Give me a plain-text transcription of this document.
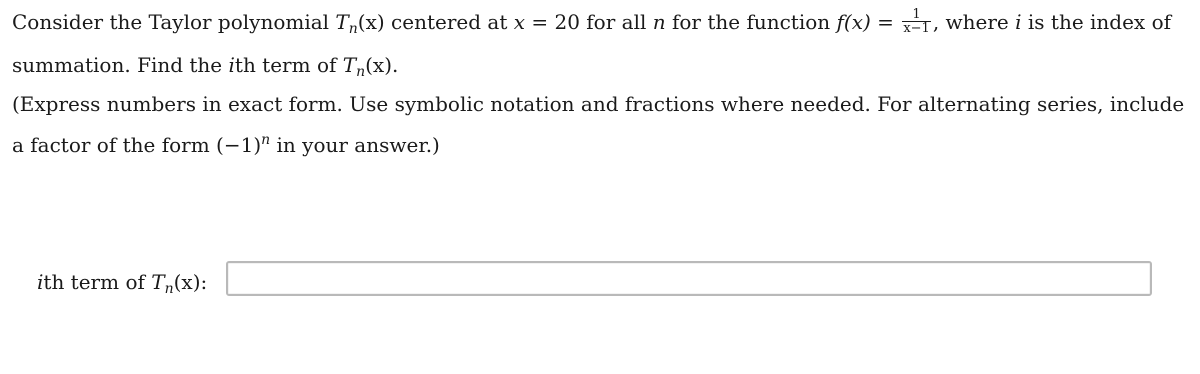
Consider the Taylor polynomial $T_n(x)$ centered at x = 20 for all n for the function $f(x) = \frac{1}{x-1}$ , where i is the index of summation. Find the ith term of $T_n(x)$.

(Express numbers in exact form. Use symbolic notation and fractions where needed. For alternating series, include a factor of the form $(-1)^n$ in your answer.)

ith term of $T_n(x)$:
